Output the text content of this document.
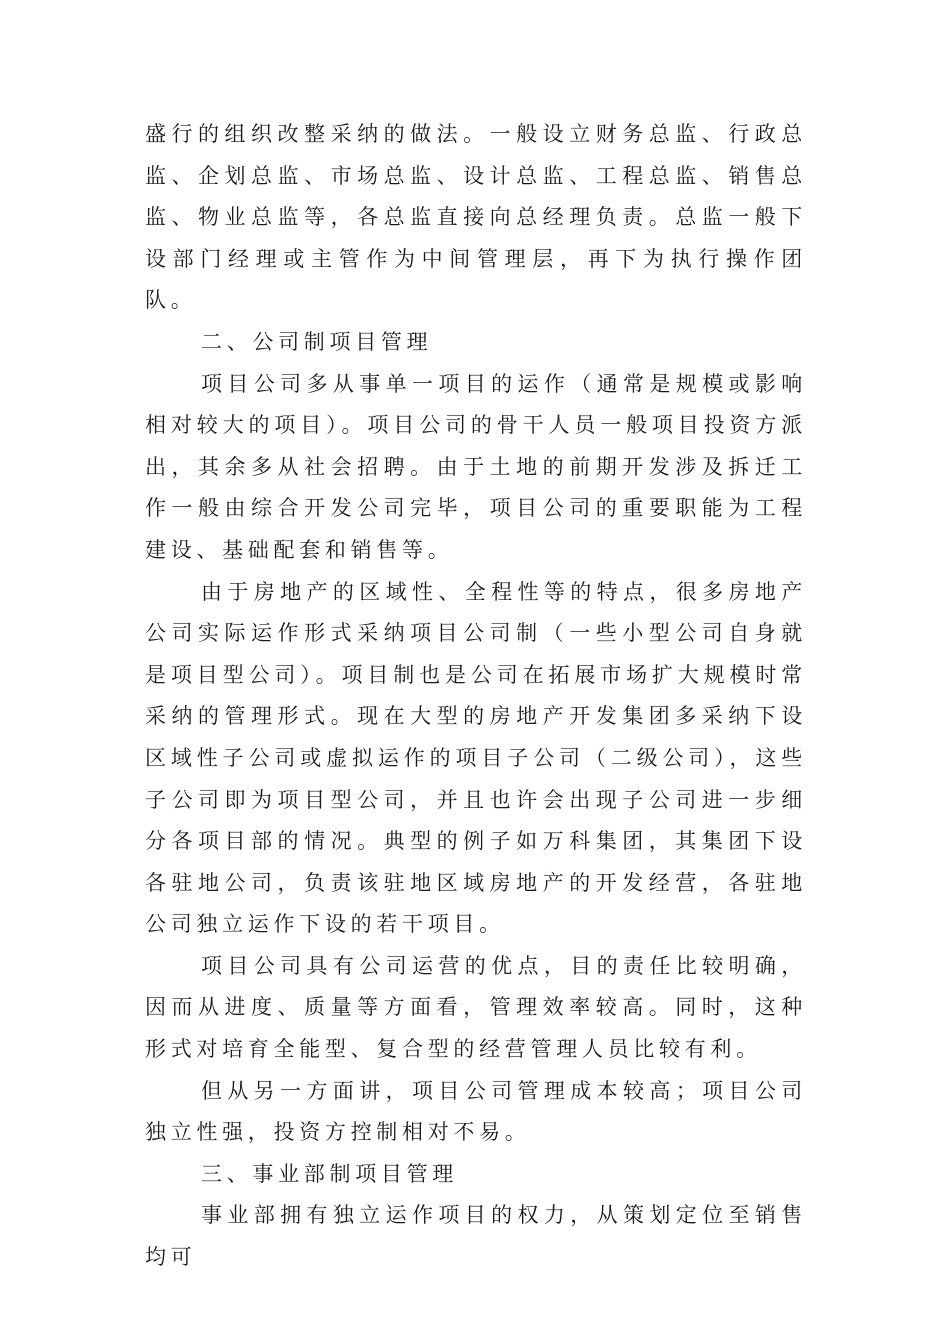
盛行的组织改整采纳的做法。一般设立财务总监、行政总监、企划总监、市场总监、设计总监、工程总监、销售总监、物业总监等，各总监直接向总经理负责。总监一般下设部门经理或主管作为中间管理层，再下为执行操作团队。

二、公司制项目管理

项目公司多从事单一项目的运作（通常是规模或影响相对较大的项目）。项目公司的骨干人员一般项目投资方派出，其余多从社会招聘。由于土地的前期开发涉及拆迁工作一般由综合开发公司完毕，项目公司的重要职能为工程建设、基础配套和销售等。

由于房地产的区域性、全程性等的特点，很多房地产公司实际运作形式采纳项目公司制（一些小型公司自身就是项目型公司）。项目制也是公司在拓展市场扩大规模时常采纳的管理形式。现在大型的房地产开发集团多采纳下设区域性子公司或虚拟运作的项目子公司（二级公司），这些子公司即为项目型公司，并且也许会出现子公司进一步细分各项目部的情况。典型的例子如万科集团，其集团下设各驻地公司，负责该驻地区域房地产的开发经营，各驻地公司独立运作下设的若干项目。

项目公司具有公司运营的优点，目的责任比较明确，因而从进度、质量等方面看，管理效率较高。同时，这种形式对培育全能型、复合型的经营管理人员比较有利。

但从另一方面讲，项目公司管理成本较高；项目公司独立性强，投资方控制相对不易。

三、事业部制项目管理

事业部拥有独立运作项目的权力，从策划定位至销售均可
